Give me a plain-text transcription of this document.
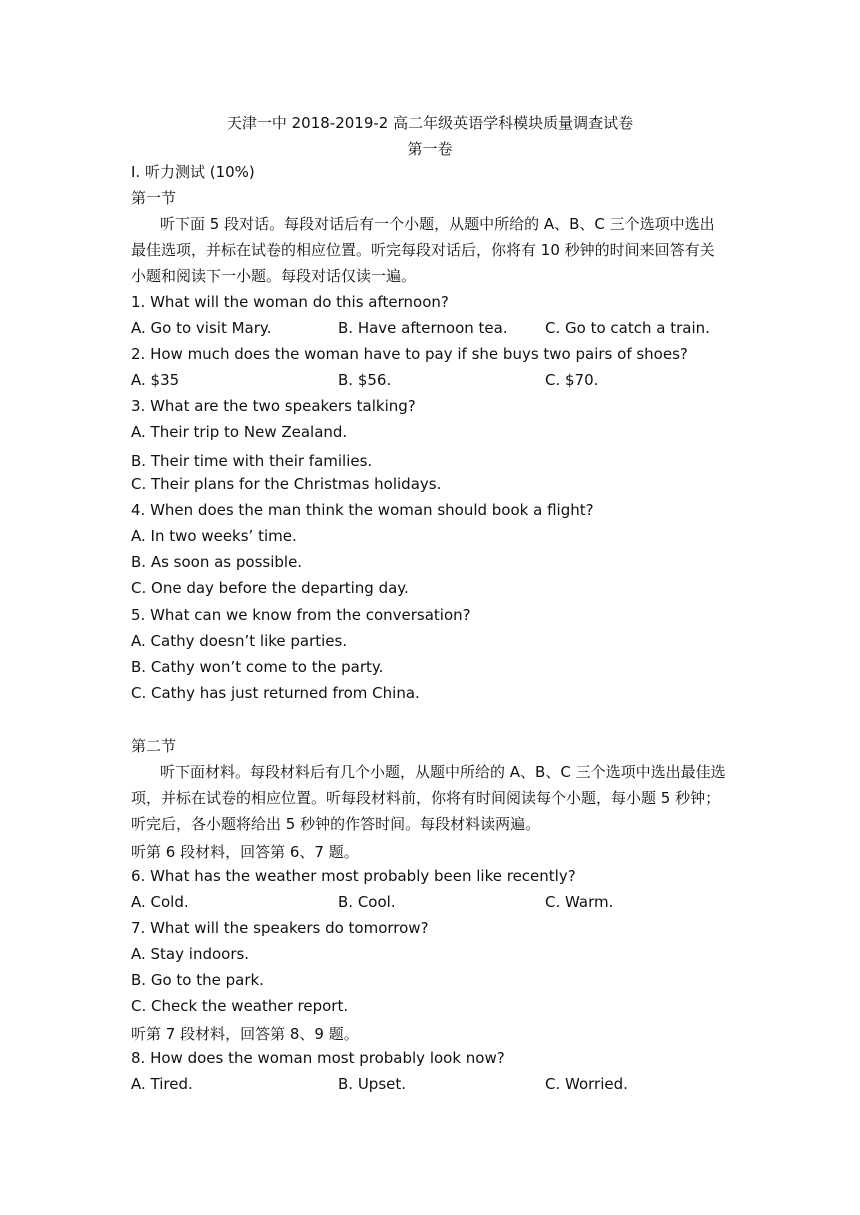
天津一中 2018-2019-2 高二年级英语学科模块质量调查试卷
第一卷
I. 听力测试 (10%)
第一节
听下面 5 段对话。每段对话后有一个小题，从题中所给的 A、B、C 三个选项中选出
最佳选项，并标在试卷的相应位置。听完每段对话后，你将有 10 秒钟的时间来回答有关
小题和阅读下一小题。每段对话仅读一遍。
1. What will the woman do this afternoon?
A. Go to visit Mary.	B. Have afternoon tea. C. Go to catch a train.
2. How much does the woman have to pay if she buys two pairs of shoes?
A. $35	B. $56.	C. $70.
3. What are the two speakers talking?
A. Their trip to New Zealand.
B. Their time with their families.
C. Their plans for the Christmas holidays.
4. When does the man think the woman should book a flight?
A. In two weeks’ time.
B. As soon as possible.
C. One day before the departing day.
5. What can we know from the conversation?
A. Cathy doesn’t like parties.
B. Cathy won’t come to the party.
C. Cathy has just returned from China.
第二节
听下面材料。每段材料后有几个小题，从题中所给的 A、B、C 三个选项中选出最佳选
项，并标在试卷的相应位置。听每段材料前，你将有时间阅读每个小题，每小题 5 秒钟；
听完后，各小题将给出 5 秒钟的作答时间。每段材料读两遍。
听第 6 段材料，回答第 6、7 题。
6. What has the weather most probably been like recently?
A. Cold.	B. Cool.	C. Warm.
7. What will the speakers do tomorrow?
A. Stay indoors.
B. Go to the park.
C. Check the weather report.
听第 7 段材料，回答第 8、9 题。
8. How does the woman most probably look now?
A. Tired.	B. Upset.	C. Worried.
